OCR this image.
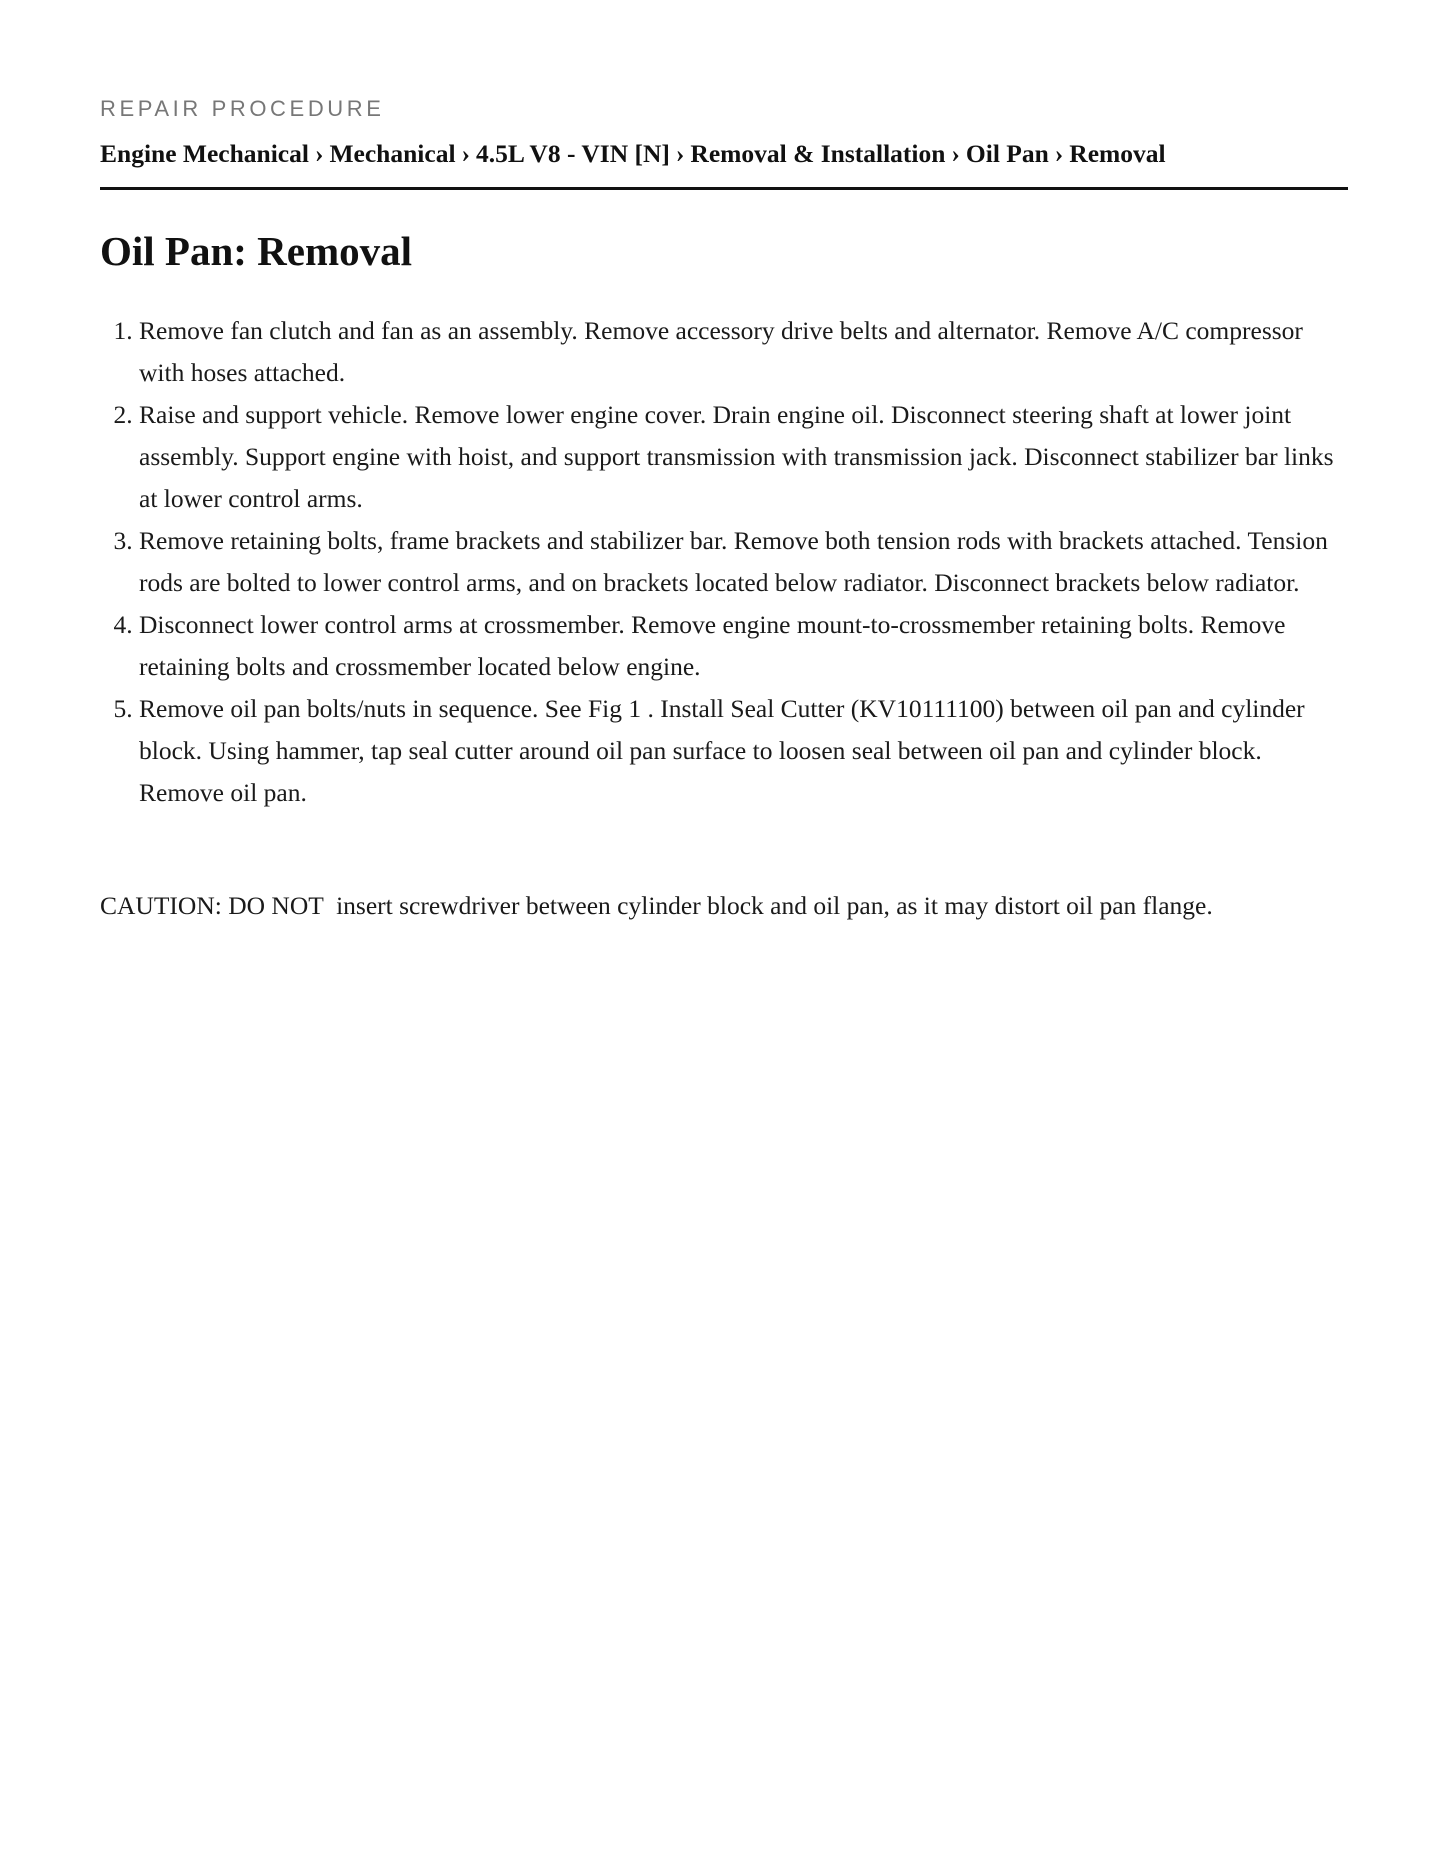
REPAIR PROCEDURE
Engine Mechanical › Mechanical › 4.5L V8 - VIN [N] › Removal & Installation › Oil Pan › Removal
Oil Pan: Removal
1. Remove fan clutch and fan as an assembly. Remove accessory drive belts and alternator. Remove A/C compressor with hoses attached.
2. Raise and support vehicle. Remove lower engine cover. Drain engine oil. Disconnect steering shaft at lower joint assembly. Support engine with hoist, and support transmission with transmission jack. Disconnect stabilizer bar links at lower control arms.
3. Remove retaining bolts, frame brackets and stabilizer bar. Remove both tension rods with brackets attached. Tension rods are bolted to lower control arms, and on brackets located below radiator. Disconnect brackets below radiator.
4. Disconnect lower control arms at crossmember. Remove engine mount-to-crossmember retaining bolts. Remove retaining bolts and crossmember located below engine.
5. Remove oil pan bolts/nuts in sequence. See Fig 1 . Install Seal Cutter (KV10111100) between oil pan and cylinder block. Using hammer, tap seal cutter around oil pan surface to loosen seal between oil pan and cylinder block. Remove oil pan.

CAUTION: DO NOT  insert screwdriver between cylinder block and oil pan, as it may distort oil pan flange.
